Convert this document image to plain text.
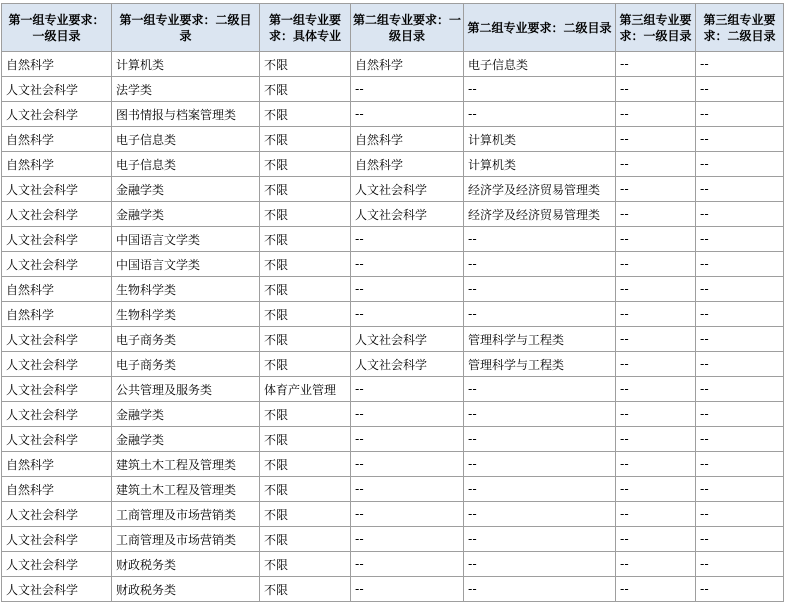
第一组专业要求：一级目录	第一组专业要求：二级目录	第一组专业要求：具体专业	第二组专业要求：一级目录	第二组专业要求：二级目录	第三组专业要求：一级目录	第三组专业要求：二级目录
自然科学	计算机类	不限	自然科学	电子信息类	--	--
人文社会科学	法学类	不限	--	--	--	--
人文社会科学	图书情报与档案管理类	不限	--	--	--	--
自然科学	电子信息类	不限	自然科学	计算机类	--	--
自然科学	电子信息类	不限	自然科学	计算机类	--	--
人文社会科学	金融学类	不限	人文社会科学	经济学及经济贸易管理类	--	--
人文社会科学	金融学类	不限	人文社会科学	经济学及经济贸易管理类	--	--
人文社会科学	中国语言文学类	不限	--	--	--	--
人文社会科学	中国语言文学类	不限	--	--	--	--
自然科学	生物科学类	不限	--	--	--	--
自然科学	生物科学类	不限	--	--	--	--
人文社会科学	电子商务类	不限	人文社会科学	管理科学与工程类	--	--
人文社会科学	电子商务类	不限	人文社会科学	管理科学与工程类	--	--
人文社会科学	公共管理及服务类	体育产业管理	--	--	--	--
人文社会科学	金融学类	不限	--	--	--	--
人文社会科学	金融学类	不限	--	--	--	--
自然科学	建筑土木工程及管理类	不限	--	--	--	--
自然科学	建筑土木工程及管理类	不限	--	--	--	--
人文社会科学	工商管理及市场营销类	不限	--	--	--	--
人文社会科学	工商管理及市场营销类	不限	--	--	--	--
人文社会科学	财政税务类	不限	--	--	--	--
人文社会科学	财政税务类	不限	--	--	--	--
